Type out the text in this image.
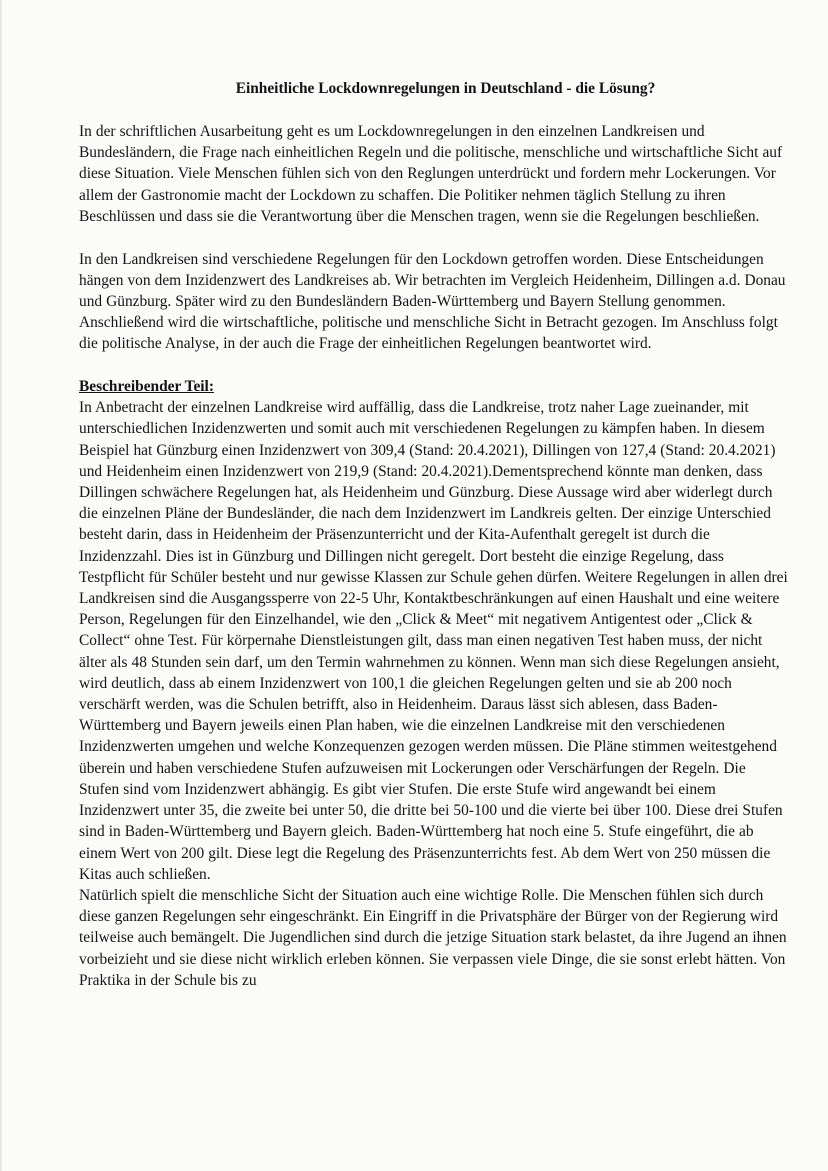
Einheitliche Lockdownregelungen in Deutschland - die Lösung?

In der schriftlichen Ausarbeitung geht es um Lockdownregelungen in den einzelnen Landkreisen und Bundesländern, die Frage nach einheitlichen Regeln und die politische, menschliche und wirtschaftliche Sicht auf diese Situation. Viele Menschen fühlen sich von den Reglungen unterdrückt und fordern mehr Lockerungen. Vor allem der Gastronomie macht der Lockdown zu schaffen. Die Politiker nehmen täglich Stellung zu ihren Beschlüssen und dass sie die Verantwortung über die Menschen tragen, wenn sie die Regelungen beschließen.

In den Landkreisen sind verschiedene Regelungen für den Lockdown getroffen worden. Diese Entscheidungen hängen von dem Inzidenzwert des Landkreises ab. Wir betrachten im Vergleich Heidenheim, Dillingen a.d. Donau und Günzburg. Später wird zu den Bundesländern Baden-Württemberg und Bayern Stellung genommen. Anschließend wird die wirtschaftliche, politische und menschliche Sicht in Betracht gezogen. Im Anschluss folgt die politische Analyse, in der auch die Frage der einheitlichen Regelungen beantwortet wird.

Beschreibender Teil:

In Anbetracht der einzelnen Landkreise wird auffällig, dass die Landkreise, trotz naher Lage zueinander, mit unterschiedlichen Inzidenzwerten und somit auch mit verschiedenen Regelungen zu kämpfen haben. In diesem Beispiel hat Günzburg einen Inzidenzwert von 309,4 (Stand: 20.4.2021), Dillingen von 127,4 (Stand: 20.4.2021) und Heidenheim einen Inzidenzwert von 219,9 (Stand: 20.4.2021).Dementsprechend könnte man denken, dass Dillingen schwächere Regelungen hat, als Heidenheim und Günzburg. Diese Aussage wird aber widerlegt durch die einzelnen Pläne der Bundesländer, die nach dem Inzidenzwert im Landkreis gelten. Der einzige Unterschied besteht darin, dass in Heidenheim der Präsenzunterricht und der Kita-Aufenthalt geregelt ist durch die Inzidenzzahl. Dies ist in Günzburg und Dillingen nicht geregelt. Dort besteht die einzige Regelung, dass Testpflicht für Schüler besteht und nur gewisse Klassen zur Schule gehen dürfen. Weitere Regelungen in allen drei Landkreisen sind die Ausgangssperre von 22-5 Uhr, Kontaktbeschränkungen auf einen Haushalt und eine weitere Person, Regelungen für den Einzelhandel, wie den „Click & Meet“ mit negativem Antigentest oder „Click & Collect“ ohne Test. Für körpernahe Dienstleistungen gilt, dass man einen negativen Test haben muss, der nicht älter als 48 Stunden sein darf, um den Termin wahrnehmen zu können. Wenn man sich diese Regelungen ansieht, wird deutlich, dass ab einem Inzidenzwert von 100,1 die gleichen Regelungen gelten und sie ab 200 noch verschärft werden, was die Schulen betrifft, also in Heidenheim. Daraus lässt sich ablesen, dass Baden-Württemberg und Bayern jeweils einen Plan haben, wie die einzelnen Landkreise mit den verschiedenen Inzidenzwerten umgehen und welche Konzequenzen gezogen werden müssen. Die Pläne stimmen weitestgehend überein und haben verschiedene Stufen aufzuweisen mit Lockerungen oder Verschärfungen der Regeln. Die Stufen sind vom Inzidenzwert abhängig. Es gibt vier Stufen. Die erste Stufe wird angewandt bei einem Inzidenzwert unter 35, die zweite bei unter 50, die dritte bei 50-100 und die vierte bei über 100. Diese drei Stufen sind in Baden-Württemberg und Bayern gleich. Baden-Württemberg hat noch eine 5. Stufe eingeführt, die ab einem Wert von 200 gilt. Diese legt die Regelung des Präsenzunterrichts fest. Ab dem Wert von 250 müssen die Kitas auch schließen.

Natürlich spielt die menschliche Sicht der Situation auch eine wichtige Rolle. Die Menschen fühlen sich durch diese ganzen Regelungen sehr eingeschränkt. Ein Eingriff in die Privatsphäre der Bürger von der Regierung wird teilweise auch bemängelt. Die Jugendlichen sind durch die jetzige Situation stark belastet, da ihre Jugend an ihnen vorbeizieht und sie diese nicht wirklich erleben können. Sie verpassen viele Dinge, die sie sonst erlebt hätten. Von Praktika in der Schule bis zu
